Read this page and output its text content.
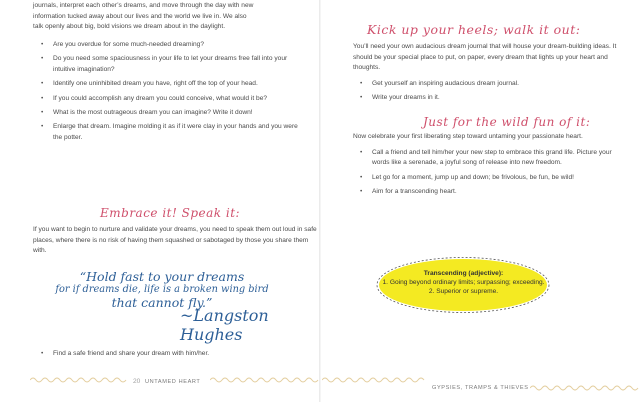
journals, interpret each other’s dreams, and move through the day with new
information tucked away about our lives and the world we live in. We also
talk openly about big, bold visions we dream about in the daylight.

• Are you overdue for some much-needed dreaming?
• Do you need some spaciousness in your life to let your dreams free fall into your intuitive imagination?
• Identify one uninhibited dream you have, right off the top of your head.
• If you could accomplish any dream you could conceive, what would it be?
• What is the most outrageous dream you can imagine? Write it down!
• Enlarge that dream. Imagine molding it as if it were clay in your hands and you were the potter.
Embrace it! Speak it:

If you want to begin to nurture and validate your dreams, you need to speak them out loud in safe places, where there is no risk of having them squashed or sabotaged by those you share them with.

“Hold fast to your dreams
for if dreams die, life is a broken wing bird
that cannot fly.”
~Langston Hughes
• Find a safe friend and share your dream with him/her.
20 UNTAMED HEART
Kick up your heels; walk it out:

You’ll need your own audacious dream journal that will house your dream-building ideas. It should be your special place to put, on paper, every dream that lights up your heart and thoughts.

• Get yourself an inspiring audacious dream journal.
• Write your dreams in it.
Just for the wild fun of it:

Now celebrate your first liberating step toward untaming your passionate heart.

• Call a friend and tell him/her your new step to embrace this grand life. Picture your words like a serenade, a joyful song of release into new freedom.
• Let go for a moment, jump up and down; be frivolous, be fun, be wild!
• Aim for a transcending heart.
GYPSIES, TRAMPS & THIEVES
Transcending (adjective):
1. Going beyond ordinary limits; surpassing; exceeding.
2. Superior or supreme.
